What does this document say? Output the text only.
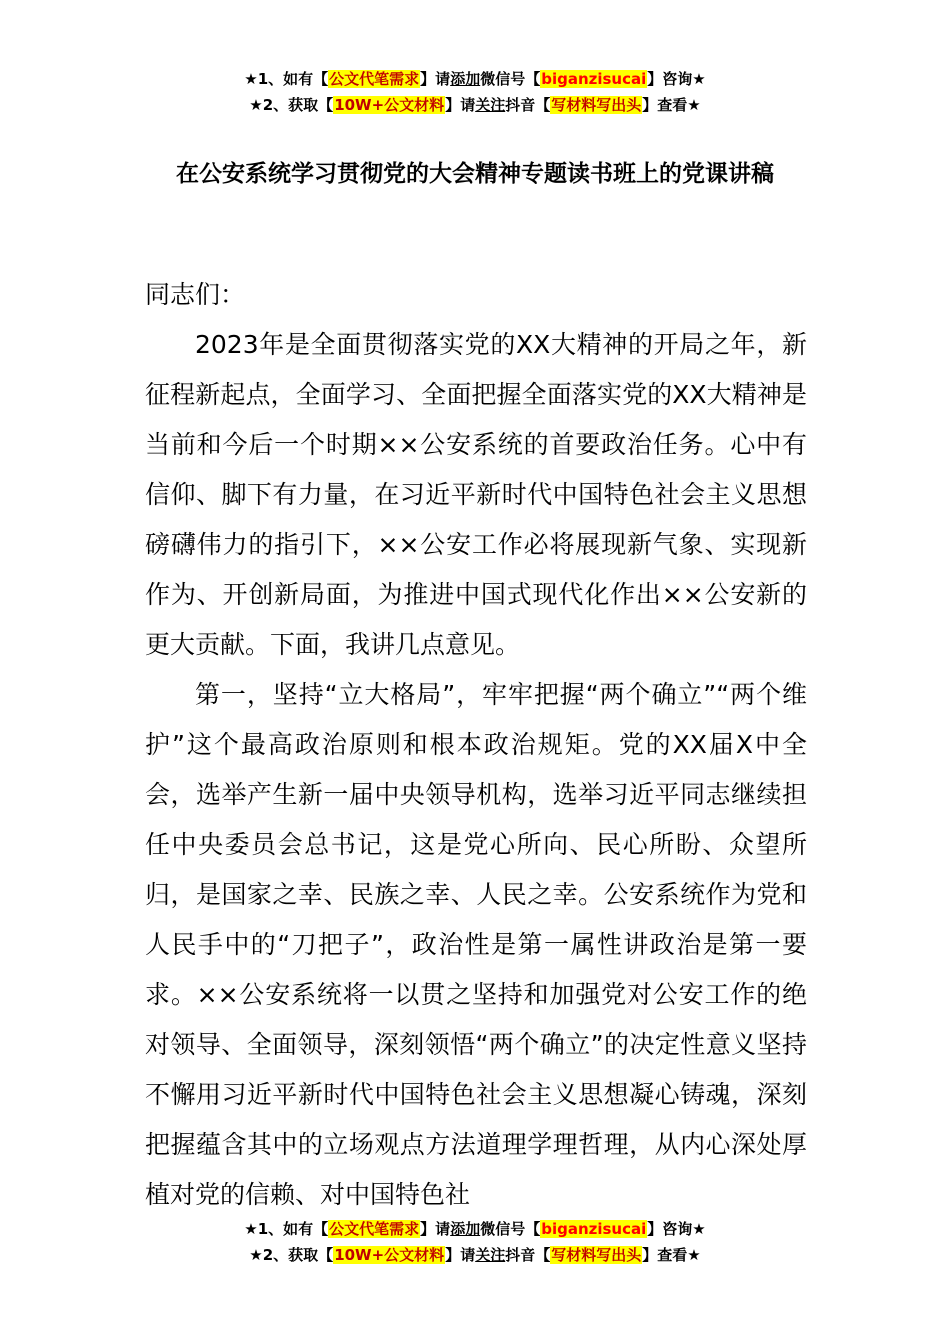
★1、如有【公文代笔需求】请添加微信号【biganzisucai】咨询★
★2、获取【10W+公文材料】请关注抖音【写材料写出头】查看★
在公安系统学习贯彻党的大会精神专题读书班上的党课讲稿

同志们：

2023年是全面贯彻落实党的XX大精神的开局之年，新征程新起点，全面学习、全面把握全面落实党的XX大精神是当前和今后一个时期××公安系统的首要政治任务。心中有信仰、脚下有力量，在习近平新时代中国特色社会主义思想磅礴伟力的指引下，××公安工作必将展现新气象、实现新作为、开创新局面，为推进中国式现代化作出××公安新的更大贡献。下面，我讲几点意见。

第一，坚持“立大格局”，牢牢把握“两个确立”“两个维护”这个最高政治原则和根本政治规矩。党的XX届X中全会，选举产生新一届中央领导机构，选举习近平同志继续担任中央委员会总书记，这是党心所向、民心所盼、众望所归，是国家之幸、民族之幸、人民之幸。公安系统作为党和人民手中的“刀把子”，政治性是第一属性讲政治是第一要求。××公安系统将一以贯之坚持和加强党对公安工作的绝对领导、全面领导，深刻领悟“两个确立”的决定性意义坚持不懈用习近平新时代中国特色社会主义思想凝心铸魂，深刻把握蕴含其中的立场观点方法道理学理哲理，从内心深处厚植对党的信赖、对中国特色社

★1、如有【公文代笔需求】请添加微信号【biganzisucai】咨询★
★2、获取【10W+公文材料】请关注抖音【写材料写出头】查看★
